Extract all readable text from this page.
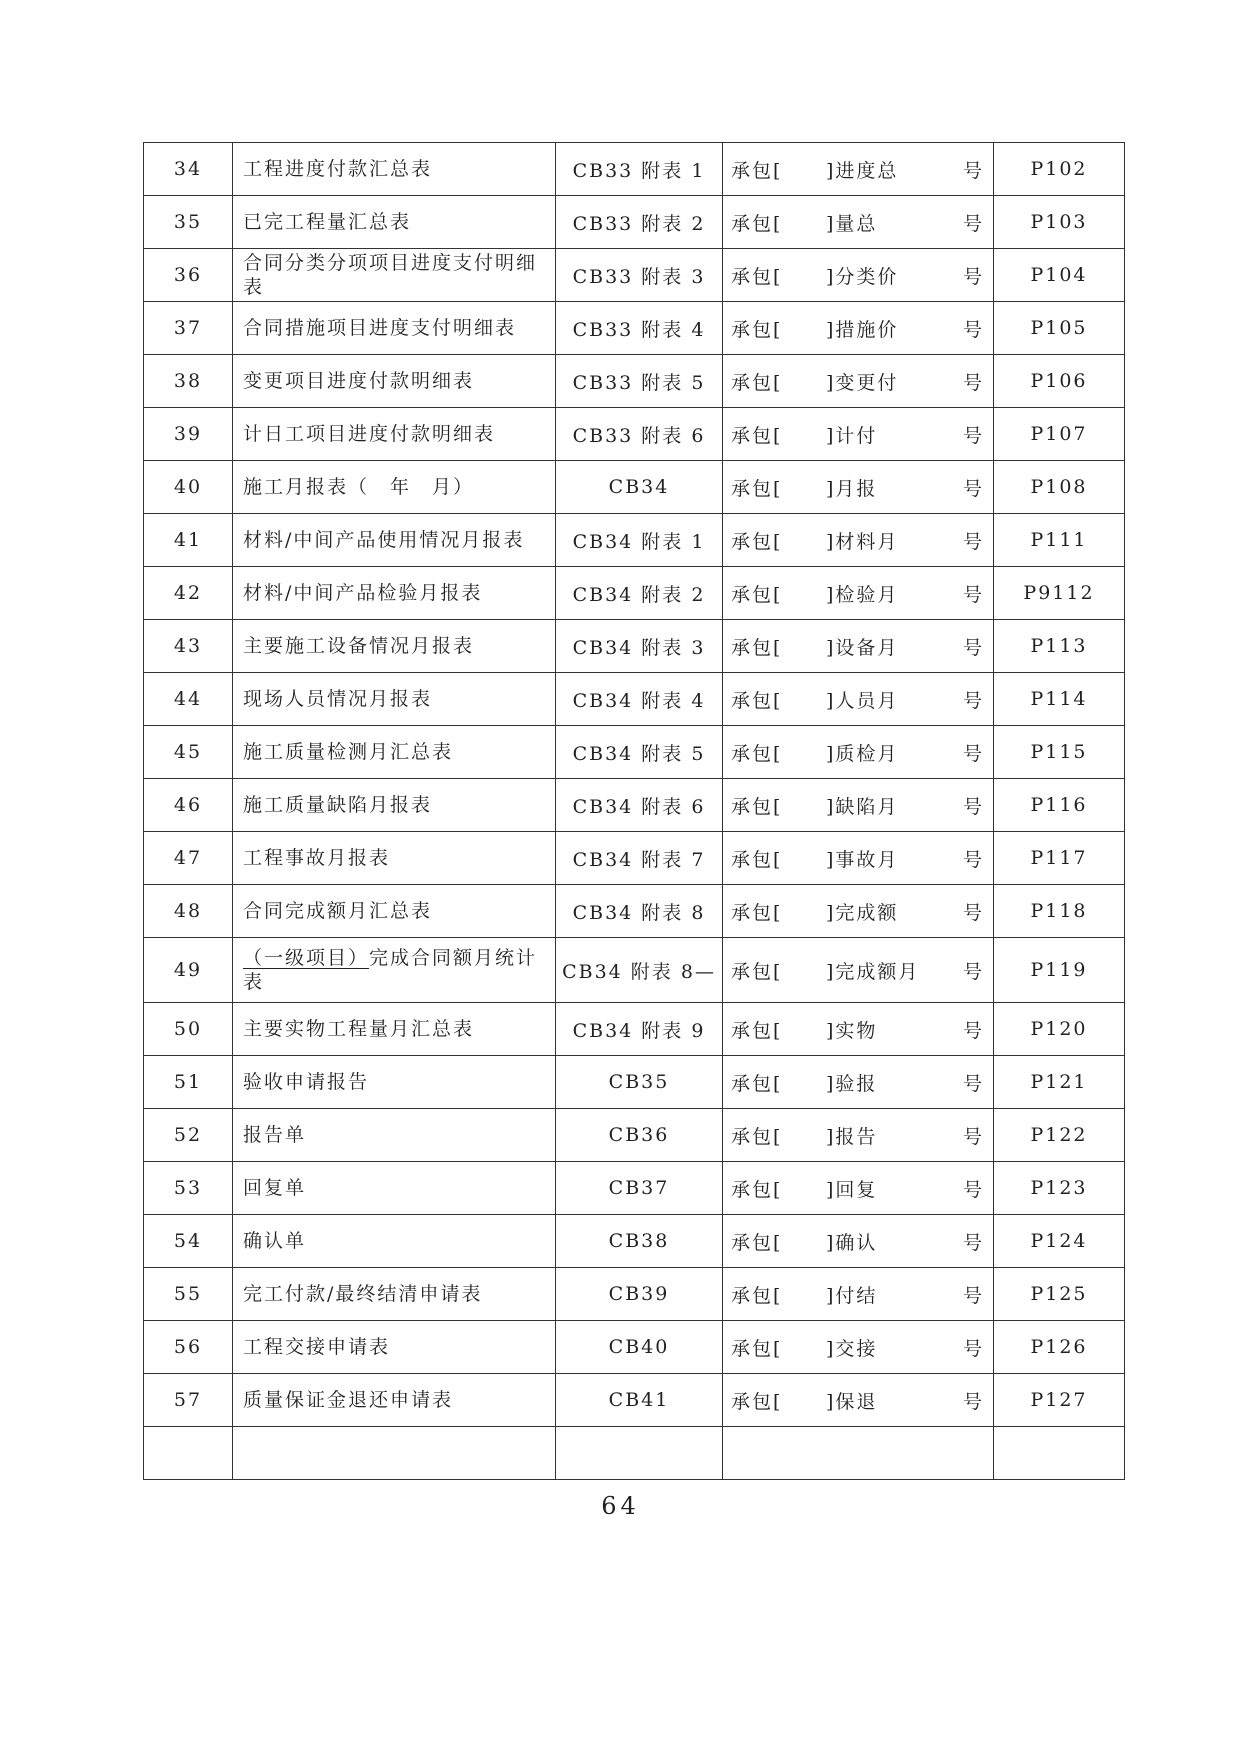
34	工程进度付款汇总表	CB33 附表 1	承包[ ]进度总 号	P102
35	已完工程量汇总表	CB33 附表 2	承包[ ]量总 号	P103
36	合同分类分项项目进度支付明细表	CB33 附表 3	承包[ ]分类价 号	P104
37	合同措施项目进度支付明细表	CB33 附表 4	承包[ ]措施价 号	P105
38	变更项目进度付款明细表	CB33 附表 5	承包[ ]变更付 号	P106
39	计日工项目进度付款明细表	CB33 附表 6	承包[ ]计付 号	P107
40	施工月报表（　年　月）	CB34	承包[ ]月报 号	P108
41	材料/中间产品使用情况月报表	CB34 附表 1	承包[ ]材料月 号	P111
42	材料/中间产品检验月报表	CB34 附表 2	承包[ ]检验月 号	P9112
43	主要施工设备情况月报表	CB34 附表 3	承包[ ]设备月 号	P113
44	现场人员情况月报表	CB34 附表 4	承包[ ]人员月 号	P114
45	施工质量检测月汇总表	CB34 附表 5	承包[ ]质检月 号	P115
46	施工质量缺陷月报表	CB34 附表 6	承包[ ]缺陷月 号	P116
47	工程事故月报表	CB34 附表 7	承包[ ]事故月 号	P117
48	合同完成额月汇总表	CB34 附表 8	承包[ ]完成额 号	P118
49	（一级项目）完成合同额月统计表	CB34 附表 8—	承包[ ]完成额月 号	P119
50	主要实物工程量月汇总表	CB34 附表 9	承包[ ]实物 号	P120
51	验收申请报告	CB35	承包[ ]验报 号	P121
52	报告单	CB36	承包[ ]报告 号	P122
53	回复单	CB37	承包[ ]回复 号	P123
54	确认单	CB38	承包[ ]确认 号	P124
55	完工付款/最终结清申请表	CB39	承包[ ]付结 号	P125
56	工程交接申请表	CB40	承包[ ]交接 号	P126
57	质量保证金退还申请表	CB41	承包[ ]保退 号	P127

64
